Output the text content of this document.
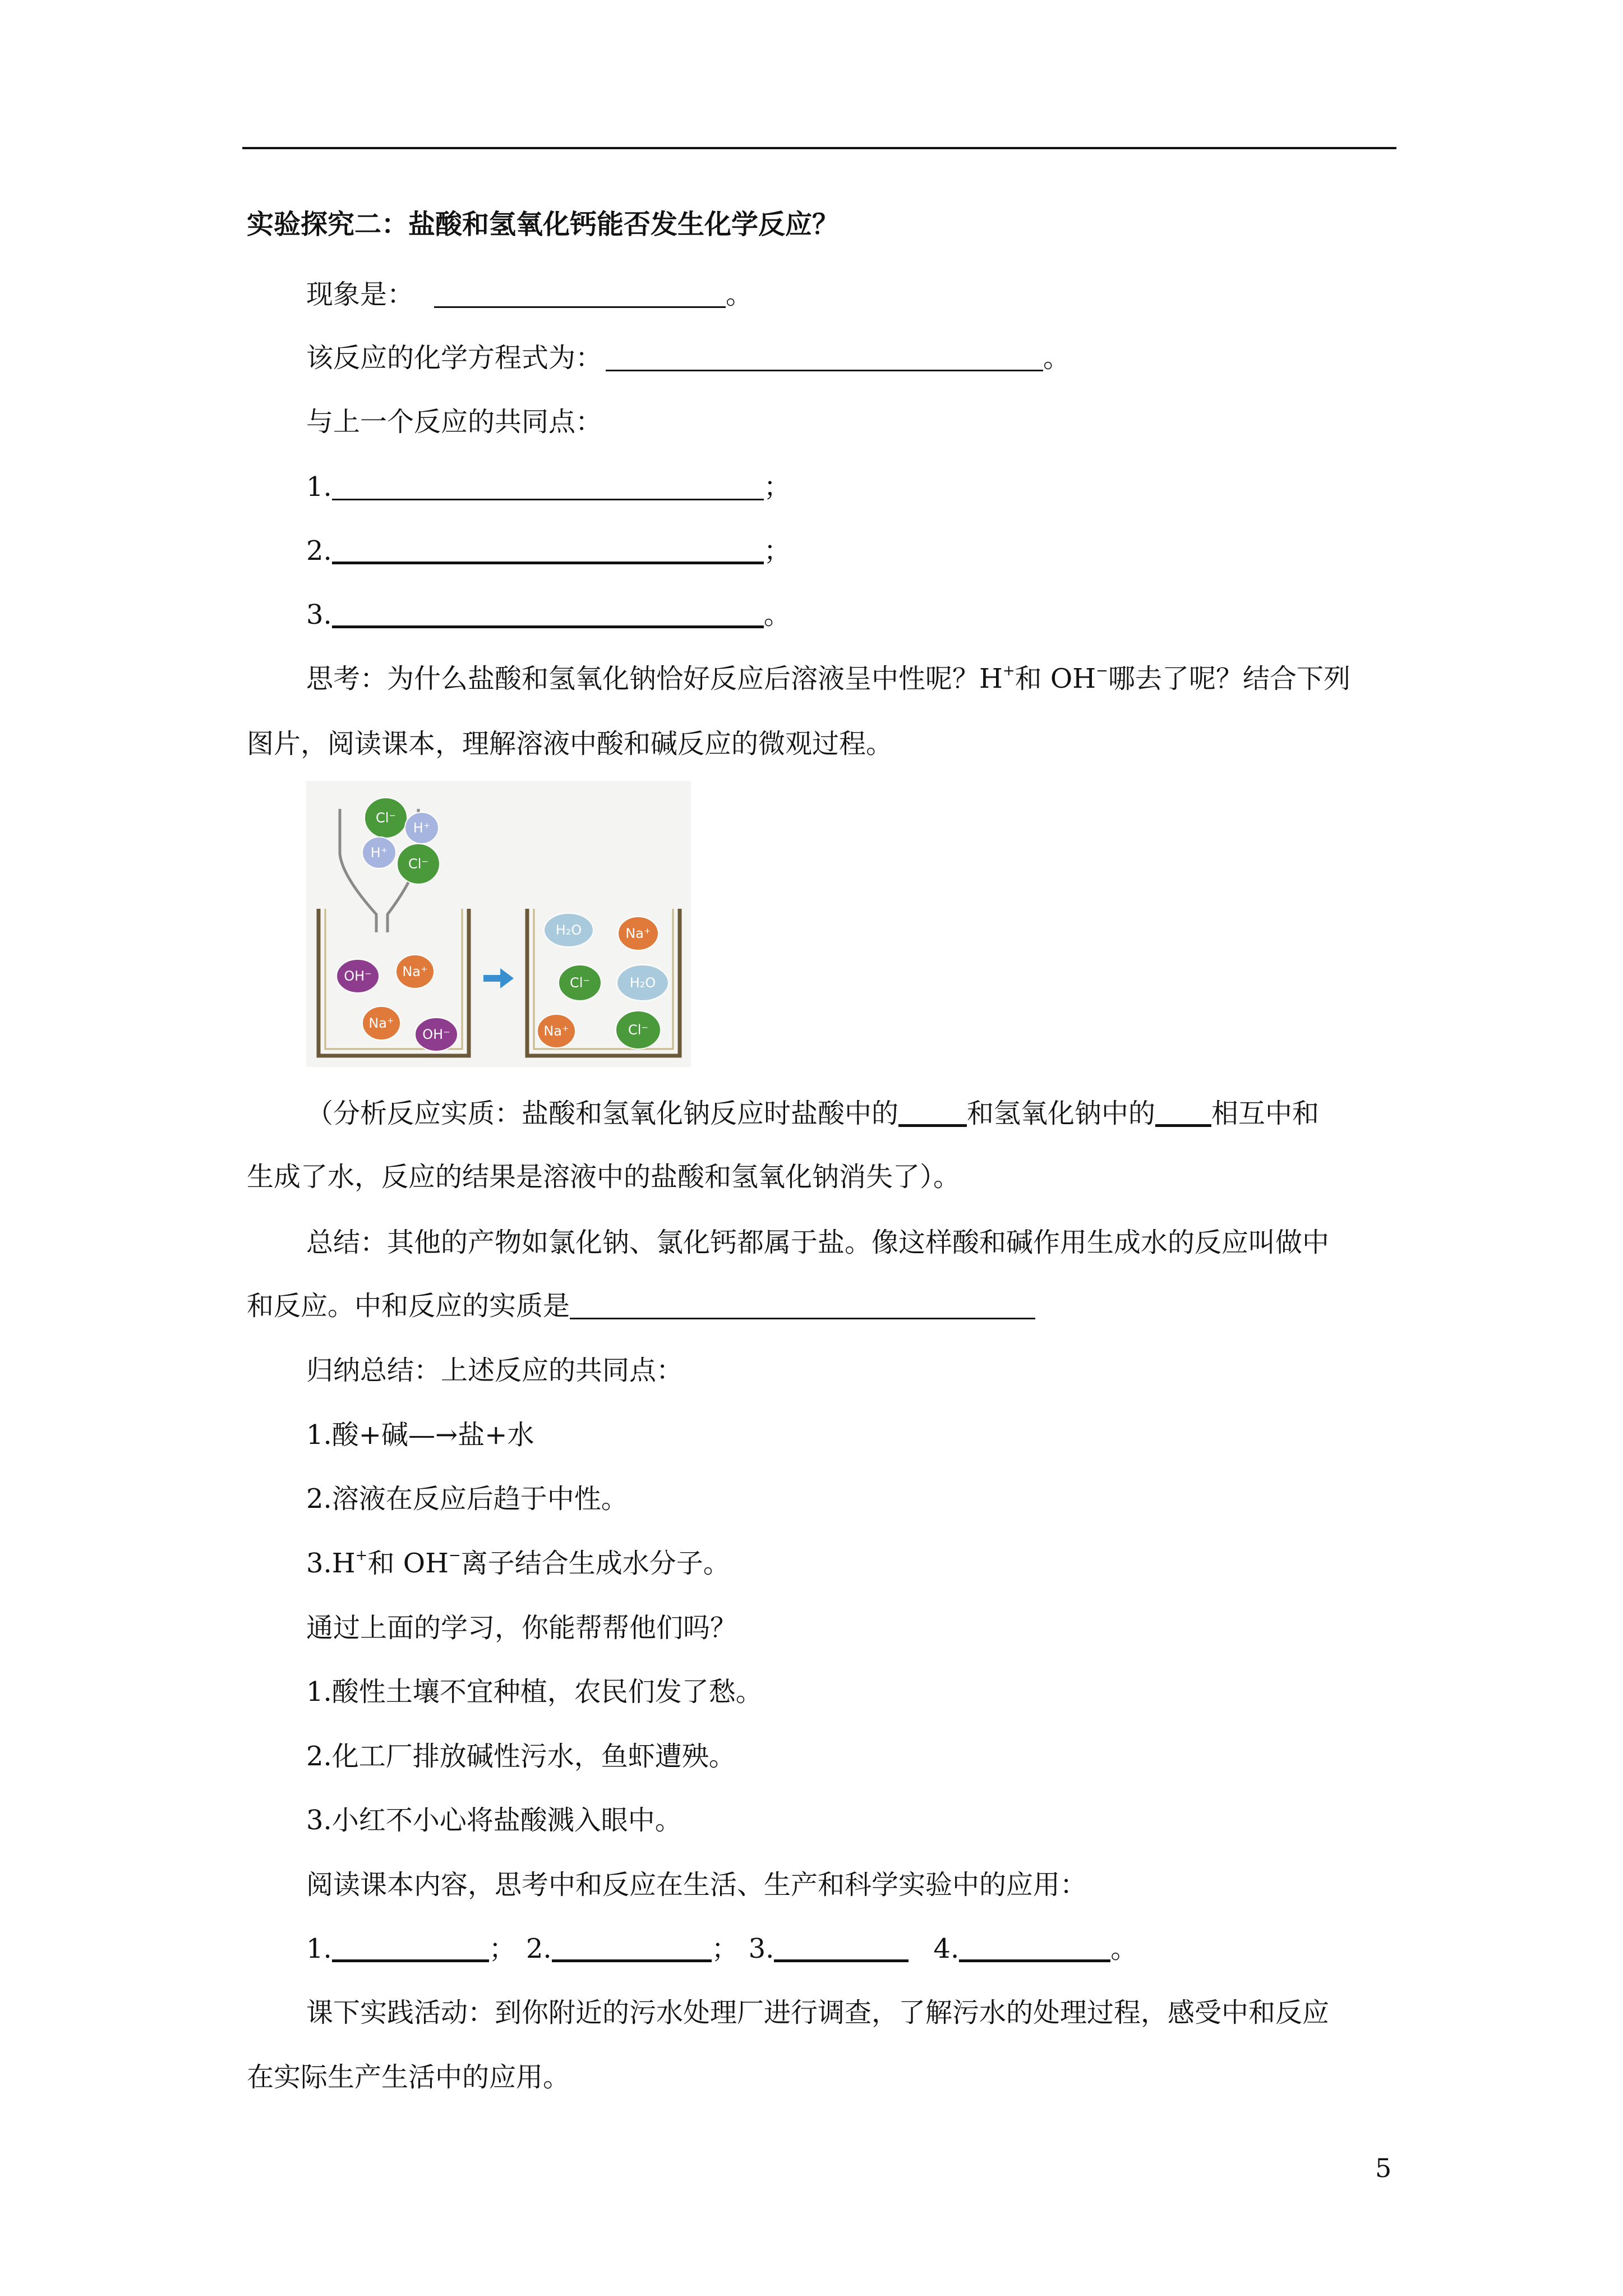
实验探究二：盐酸和氢氧化钙能否发生化学反应？
现象是：	。
该反应的化学方程式为：	。
与上一个反应的共同点：
1.	；
2.	；
3.	。
思考：为什么盐酸和氢氧化钠恰好反应后溶液呈中性呢？H+和 OH−哪去了呢？结合下列
图片，阅读课本，理解溶液中酸和碱反应的微观过程。
Cl⁻
H⁺
H⁺
Cl⁻
OH⁻ Na⁺
Na⁺
OH⁻
H₂O	Na⁺
Cl⁻	H₂O
Na⁺	Cl⁻
（分析反应实质：盐酸和氢氧化钠反应时盐酸中的	和氢氧化钠中的 相互中和
生成了水，反应的结果是溶液中的盐酸和氢氧化钠消失了）。
总结：其他的产物如氯化钠、氯化钙都属于盐。像这样酸和碱作用生成水的反应叫做中
和反应。中和反应的实质是
归纳总结：上述反应的共同点：
1.酸+碱—→盐+水
2.溶液在反应后趋于中性。
3.H+和 OH−离子结合生成水分子。
通过上面的学习，你能帮帮他们吗？
1.酸性土壤不宜种植，农民们发了愁。
2.化工厂排放碱性污水，鱼虾遭殃。
3.小红不小心将盐酸溅入眼中。
阅读课本内容，思考中和反应在生活、生产和科学实验中的应用：
1.	； 2.	； 3.	4.	。
课下实践活动：到你附近的污水处理厂进行调查，了解污水的处理过程，感受中和反应
在实际生产生活中的应用。
5
